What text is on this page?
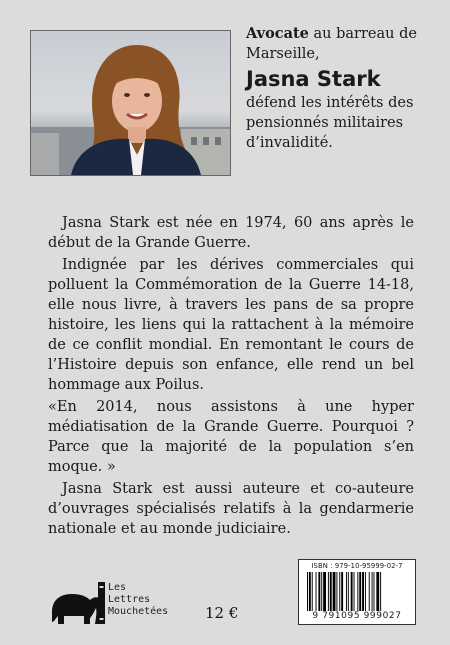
Avocate au barreau de Marseille,
Jasna Stark
défend les intérêts des pensionnés militaires d’invalidité.

Jasna Stark est née en 1974, 60 ans après le début de la Grande Guerre.

Indignée par les dérives commerciales qui polluent la Commémoration de la Guerre 14-18, elle nous livre, à travers les pans de sa propre histoire, les liens qui la rattachent à la mémoire de ce conflit mondial. En remontant le cours de l’Histoire depuis son enfance, elle rend un bel hommage aux Poilus.

«En 2014, nous assistons à une hyper médiatisation de la Grande Guerre. Pourquoi ? Parce que la majorité de la population s’en moque. »

Jasna Stark est aussi auteure et co-auteure d’ouvrages spécialisés relatifs à la gendarmerie nationale et au monde judiciaire.

Les
Lettres
Mouchetées 12 €
ISBN : 979-10-95999-02-7
9 791095 999027
